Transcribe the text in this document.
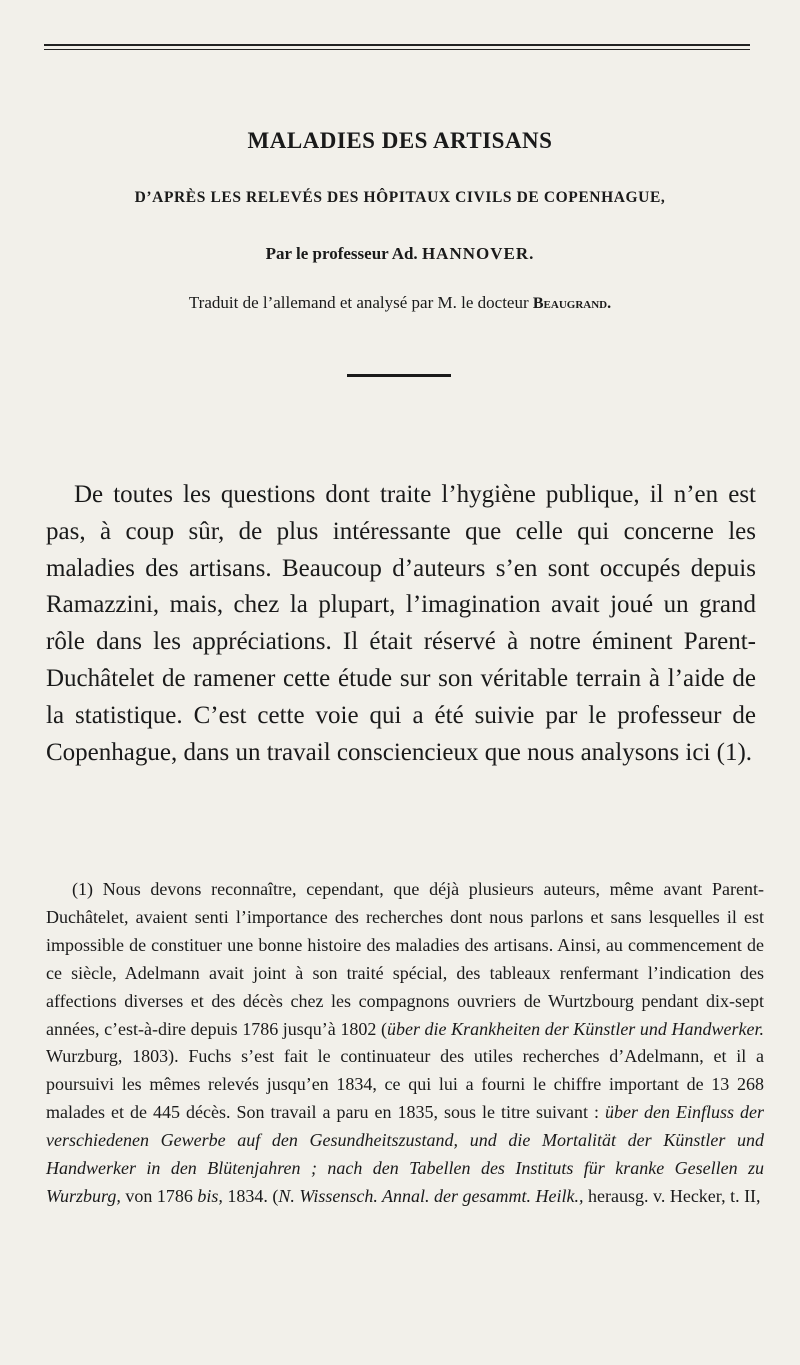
MALADIES DES ARTISANS
D’APRÈS LES RELEVÉS DES HÔPITAUX CIVILS DE COPENHAGUE,
Par le professeur Ad. HANNOVER.
Traduit de l’allemand et analysé par M. le docteur Beaugrand.

De toutes les questions dont traite l’hygiène publique, il n’en est pas, à coup sûr, de plus intéressante que celle qui concerne les maladies des artisans. Beaucoup d’auteurs s’en sont occupés depuis Ramazzini, mais, chez la plupart, l’imagination avait joué un grand rôle dans les appréciations. Il était réservé à notre éminent Parent-Duchâtelet de ramener cette étude sur son véritable terrain à l’aide de la statistique. C’est cette voie qui a été suivie par le professeur de Copenhague, dans un travail consciencieux que nous analysons ici (1).

(1) Nous devons reconnaître, cependant, que déjà plusieurs auteurs, même avant Parent-Duchâtelet, avaient senti l’importance des recherches dont nous parlons et sans lesquelles il est impossible de constituer une bonne histoire des maladies des artisans. Ainsi, au commencement de ce siècle, Adelmann avait joint à son traité spécial, des tableaux renfermant l’indication des affections diverses et des décès chez les compagnons ouvriers de Wurtzbourg pendant dix-sept années, c’est-à-dire depuis 1786 jusqu’à 1802 (über die Krankheiten der Künstler und Handwerker. Wurzburg, 1803). Fuchs s’est fait le continuateur des utiles recherches d’Adelmann, et il a poursuivi les mêmes relevés jusqu’en 1834, ce qui lui a fourni le chiffre important de 13 268 malades et de 445 décès. Son travail a paru en 1835, sous le titre suivant : über den Einfluss der verschiedenen Gewerbe auf den Gesundheitszustand, und die Mortalität der Künstler und Handwerker in den Blütenjahren ; nach den Tabellen des Instituts für kranke Gesellen zu Wurzburg, von 1786 bis, 1834. (N. Wissensch. Annal. der gesammt. Heilk., herausg. v. Hecker, t. II,
